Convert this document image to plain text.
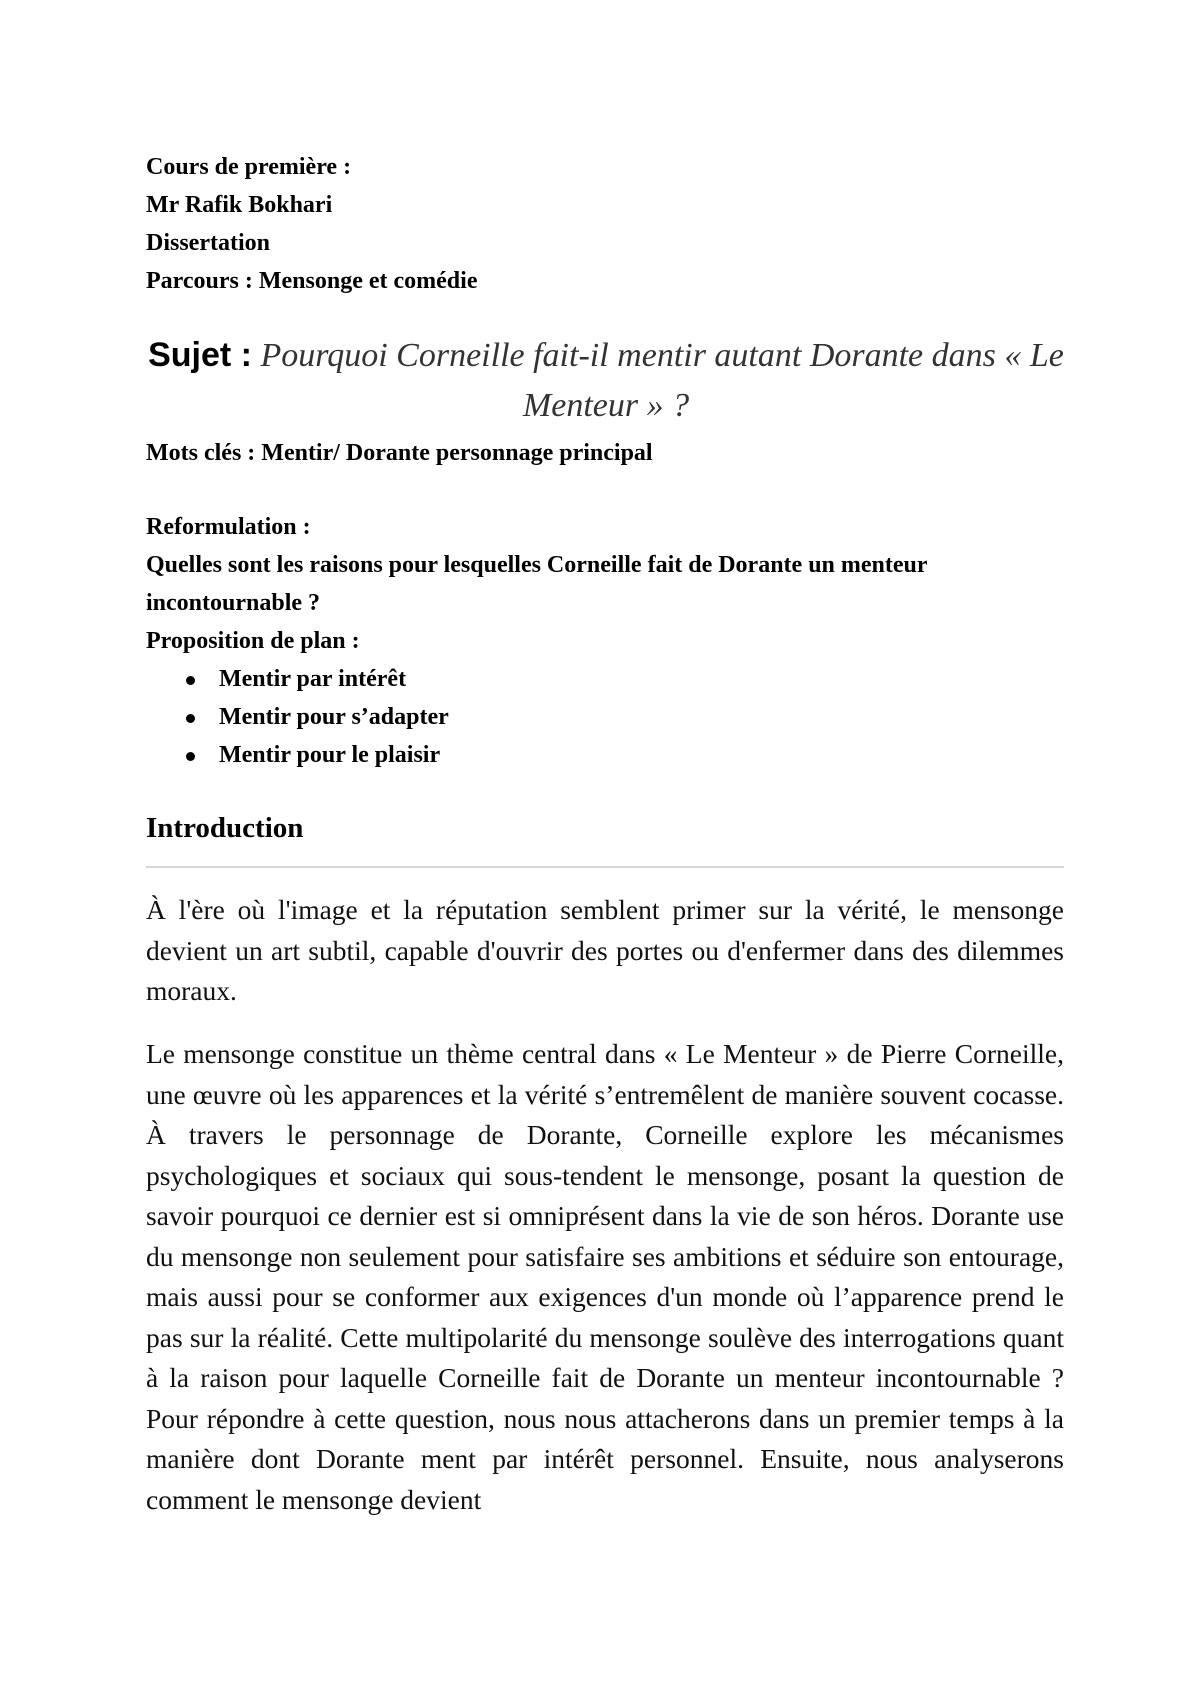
Cours de première :

Mr Rafik Bokhari

Dissertation

Parcours : Mensonge et comédie

Sujet : Pourquoi Corneille fait-il mentir autant Dorante dans « Le Menteur » ?
Mots clés : Mentir/ Dorante personnage principal

Reformulation :

Quelles sont les raisons pour lesquelles Corneille fait de Dorante un menteur incontournable ?

Proposition de plan :

Mentir par intérêt
Mentir pour s’adapter
Mentir pour le plaisir
Introduction

À l'ère où l'image et la réputation semblent primer sur la vérité, le mensonge devient un art subtil, capable d'ouvrir des portes ou d'enfermer dans des dilemmes moraux.

Le mensonge constitue un thème central dans « Le Menteur » de Pierre Corneille, une œuvre où les apparences et la vérité s’entremêlent de manière souvent cocasse. À travers le personnage de Dorante, Corneille explore les mécanismes psychologiques et sociaux qui sous-tendent le mensonge, posant la question de savoir pourquoi ce dernier est si omniprésent dans la vie de son héros. Dorante use du mensonge non seulement pour satisfaire ses ambitions et séduire son entourage, mais aussi pour se conformer aux exigences d'un monde où l’apparence prend le pas sur la réalité. Cette multipolarité du mensonge soulève des interrogations quant à la raison pour laquelle Corneille fait de Dorante un menteur incontournable ? Pour répondre à cette question, nous nous attacherons dans un premier temps à la manière dont Dorante ment par intérêt personnel. Ensuite, nous analyserons comment le mensonge devient
